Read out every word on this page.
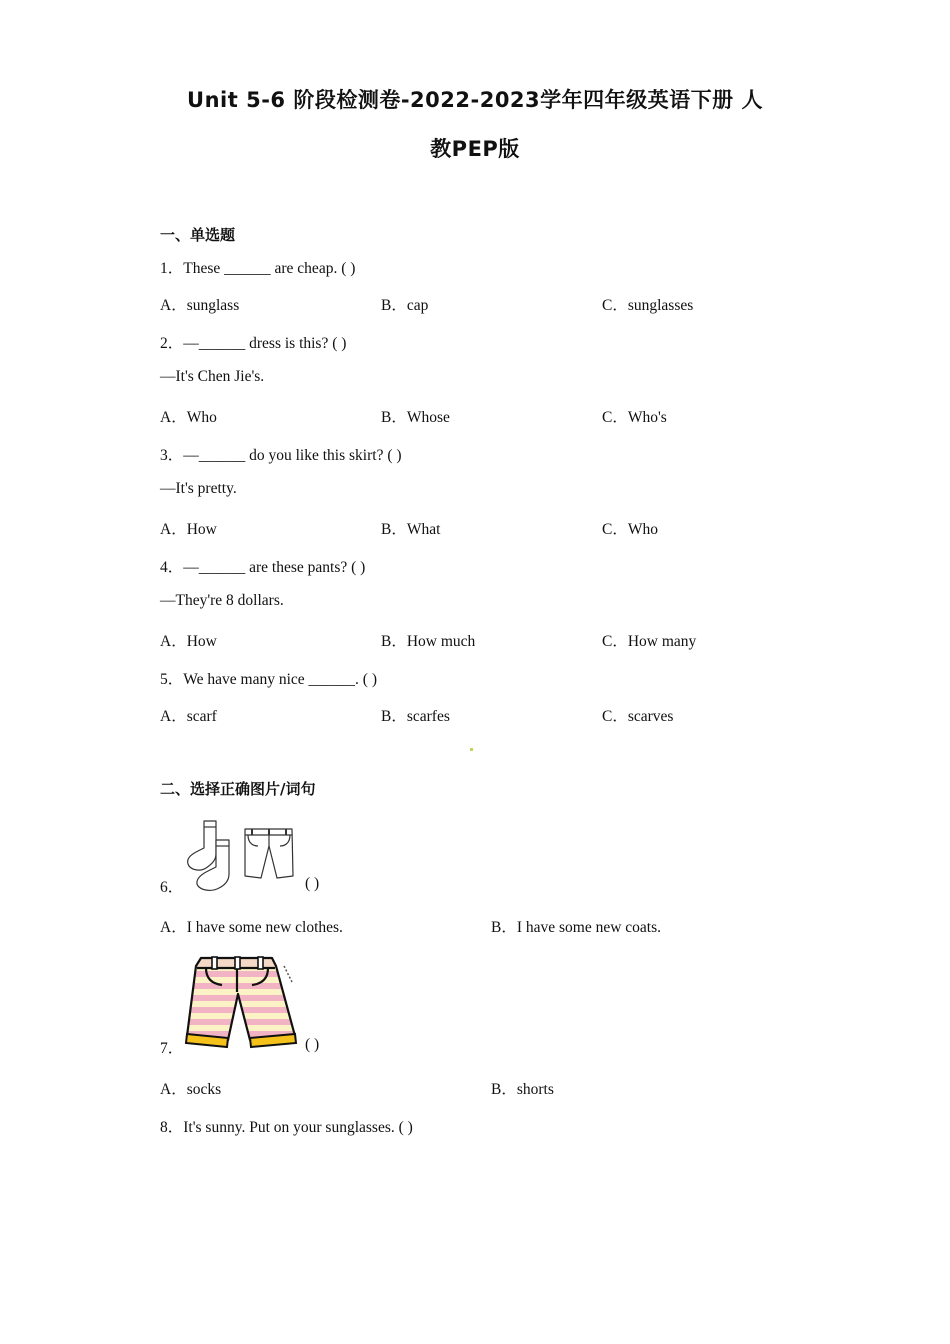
Unit 5-6 阶段检测卷-2022-2023学年四年级英语下册 人
教PEP版
一、单选题
1．These ______ are cheap. ( )
A．sunglass	B．cap	C．sunglasses
2．—______ dress is this? ( )
—It's Chen Jie's.
A．Who	B．Whose	C．Who's
3．—______ do you like this skirt? ( )
—It's pretty.
A．How	B．What	C．Who
4．—______ are these pants? ( )
—They're 8 dollars.
A．How	B．How much	C．How many
5．We have many nice ______. ( )
A．scarf	B．scarfes	C．scarves
二、选择正确图片/词句
6．	( )
A．I have some new clothes.	B．I have some new coats.
7．	( )
A．socks	B．shorts
8．It's sunny. Put on your sunglasses. ( )
